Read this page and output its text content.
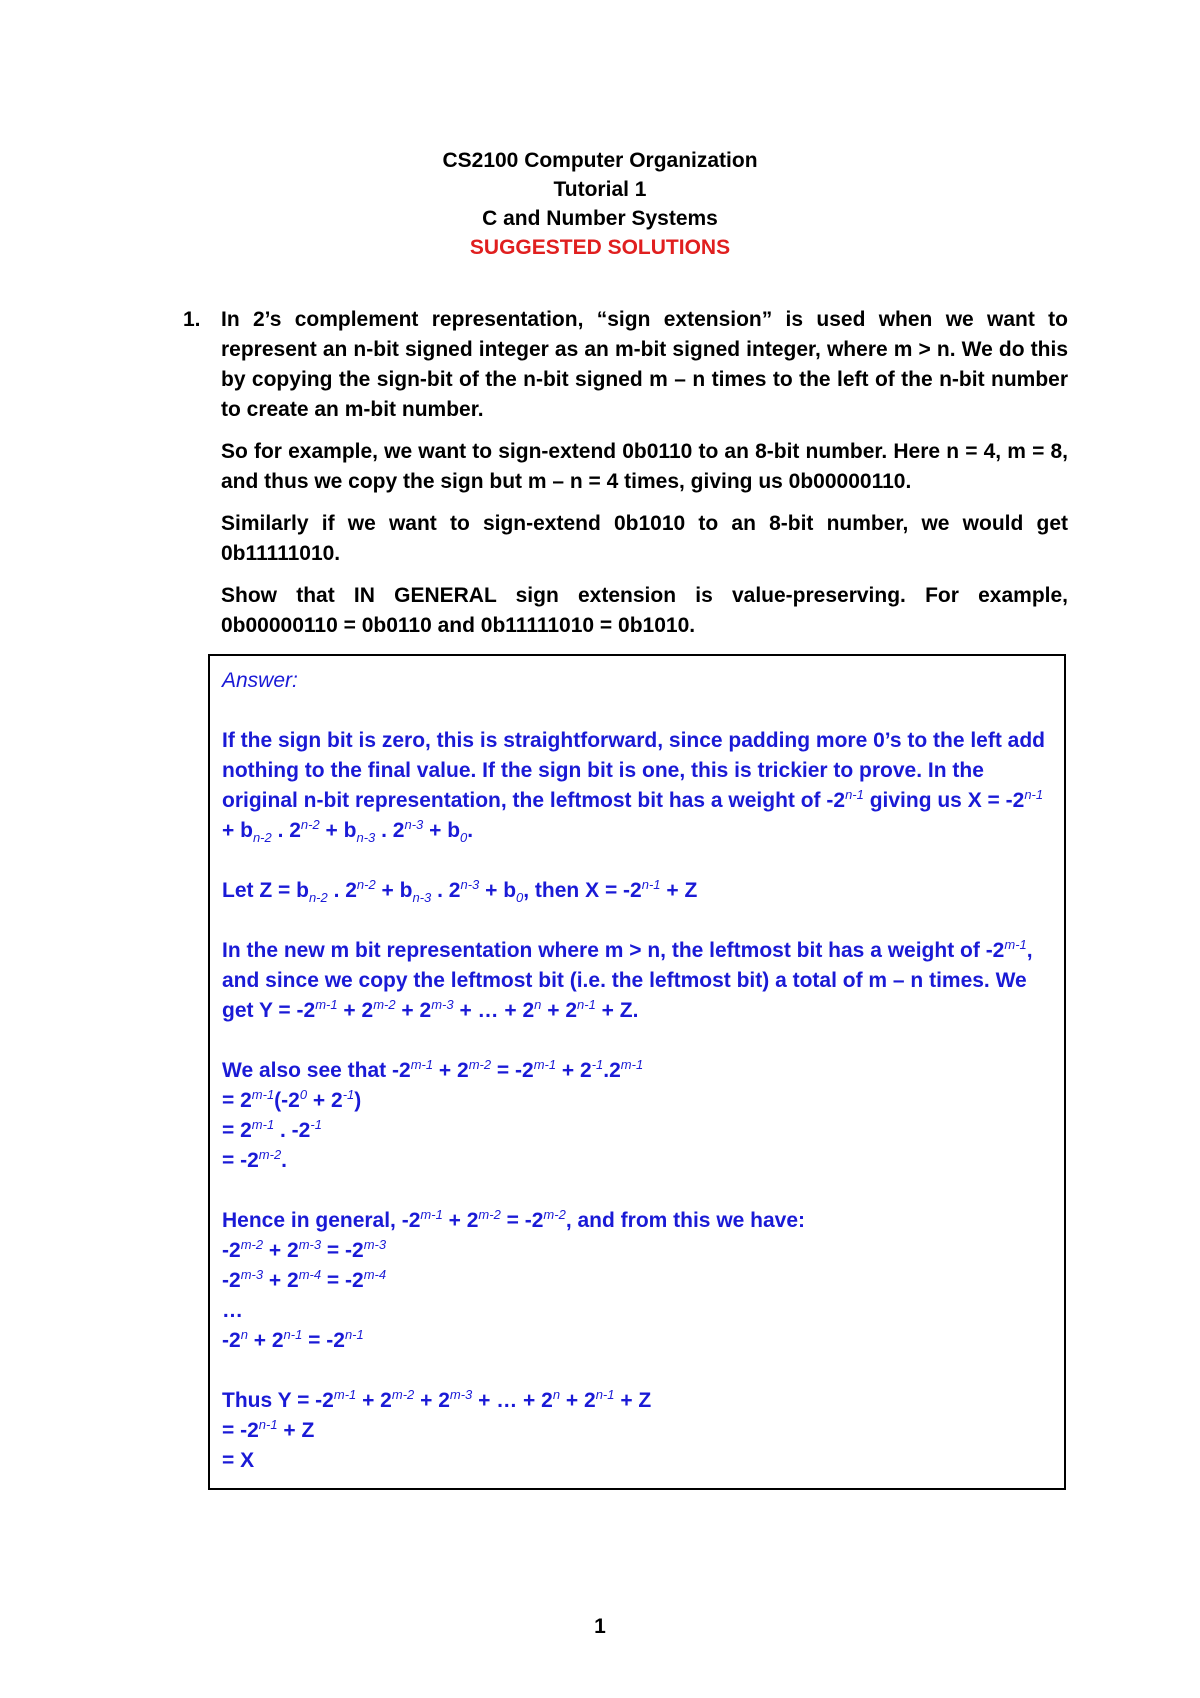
CS2100 Computer Organization
Tutorial 1
C and Number Systems
SUGGESTED SOLUTIONS
1. In 2’s complement representation, “sign extension” is used when we want to represent an n-bit signed integer as an m-bit signed integer, where m > n. We do this by copying the sign-bit of the n-bit signed m – n times to the left of the n-bit number to create an m-bit number.

So for example, we want to sign-extend 0b0110 to an 8-bit number. Here n = 4, m = 8, and thus we copy the sign but m – n = 4 times, giving us 0b00000110.

Similarly if we want to sign-extend 0b1010 to an 8-bit number, we would get 0b11111010.

Show that IN GENERAL sign extension is value-preserving. For example, 0b00000110 = 0b0110 and 0b11111010 = 0b1010.

Answer:
If the sign bit is zero, this is straightforward, since padding more 0’s to the left add nothing to the final value. If the sign bit is one, this is trickier to prove. In the original n-bit representation, the leftmost bit has a weight of -2$^{n-1}$ giving us $X = -2^{n-1} + b_{n-2}$ . $2^{n-2} + b_{n-3}$ . $2^{n-3} + b_0$.
Let $Z = b_{n-2}$ . $2^{n-2} + b_{n-3}$ . $2^{n-3} + b_0$, then $X = -2^{n-1} + Z$
In the new m bit representation where m > n, the leftmost bit has a weight of -2$^{m-1}$, and since we copy the leftmost bit (i.e. the leftmost bit) a total of m – n times. We get $Y = -2^{m-1} + 2^{m-2} + 2^{m-3}$ + … + $2^n + 2^{n-1} + Z$.
We also see that $-2^{m-1} + 2^{m-2} = -2^{m-1} + 2^{-1}.2^{m-1}$
= $2^{m-1}(-2^0 + 2^{-1})$
= $2^{m-1}$ . $-2^{-1}$
= $-2^{m-2}$.
Hence in general, $-2^{m-1} + 2^{m-2} = -2^{m-2}$, and from this we have:
$-2^{m-2} + 2^{m-3} = -2^{m-3}$
$-2^{m-3} + 2^{m-4} = -2^{m-4}$
…
$-2^n + 2^{n-1} = -2^{n-1}$
Thus $Y = -2^{m-1} + 2^{m-2} + 2^{m-3}$ + … + $2^n + 2^{n-1} + Z$
= $-2^{n-1} + Z$
= X
1
